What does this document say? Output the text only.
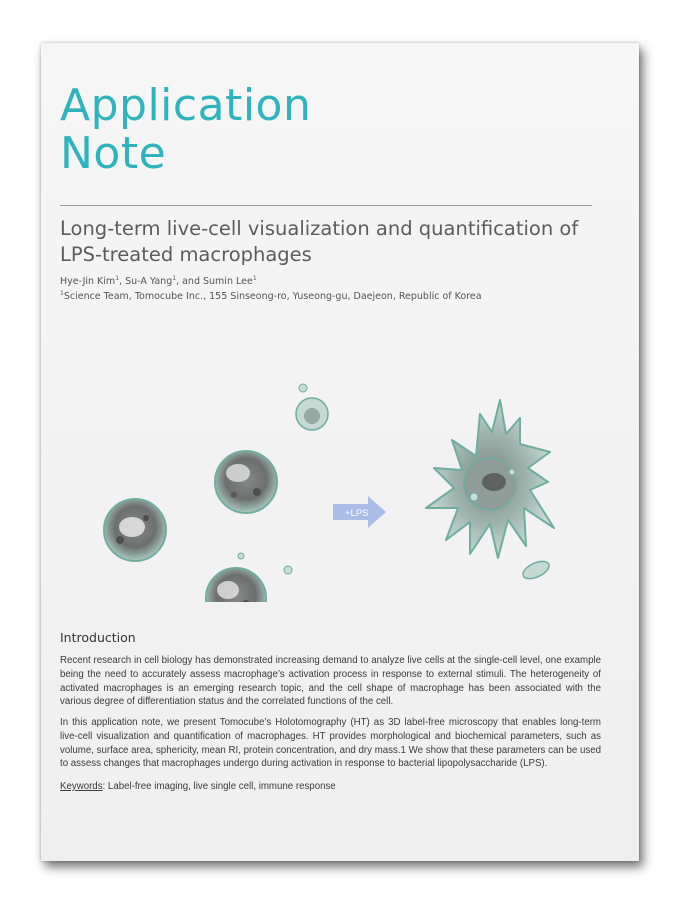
Application
Note
Long-term live-cell visualization and quantification of LPS-treated macrophages
Hye-Jin Kim$^1$, Su-A Yang$^1$, and Sumin Lee$^1$
$^1$Science Team, Tomocube Inc., 155 Sinseong-ro, Yuseong-gu, Daejeon, Republic of Korea
+LPS
Introduction

Recent research in cell biology has demonstrated increasing demand to analyze live cells at the single-cell level, one example being the need to accurately assess macrophage’s activation process in response to external stimuli. The heterogeneity of activated macrophages is an emerging research topic, and the cell shape of macrophage has been associated with the various degree of differentiation status and the correlated functions of the cell.

In this application note, we present Tomocube’s Holotomography (HT) as 3D label-free microscopy that enables long-term live-cell visualization and quantification of macrophages. HT provides morphological and biochemical parameters, such as volume, surface area, sphericity, mean RI, protein concentration, and dry mass.1 We show that these parameters can be used to assess changes that macrophages undergo during activation in response to bacterial lipopolysaccharide (LPS).

Keywords: Label-free imaging, live single cell, immune response
